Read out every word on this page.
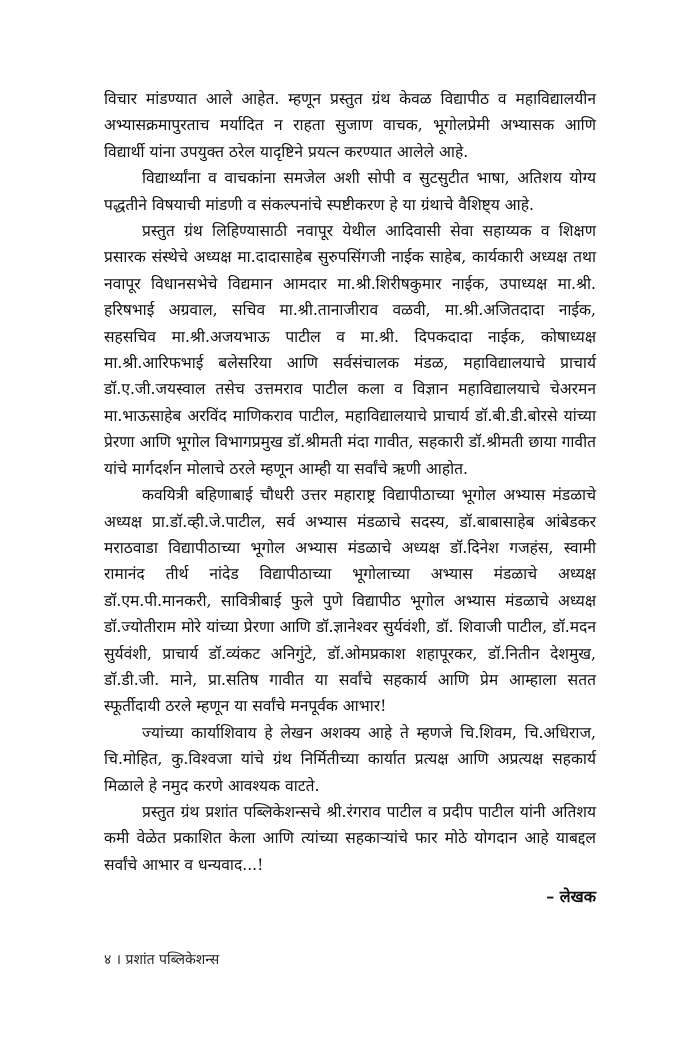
विचार मांडण्यात आले आहेत. म्हणून प्रस्तुत ग्रंथ केवळ विद्यापीठ व महाविद्यालयीन अभ्यासक्रमापुरताच मर्यादित न राहता सुजाण वाचक, भूगोलप्रेमी अभ्यासक आणि विद्यार्थी यांना उपयुक्त ठरेल यादृष्टिने प्रयत्न करण्यात आलेले आहे.

विद्यार्थ्यांना व वाचकांना समजेल अशी सोपी व सुटसुटीत भाषा, अतिशय योग्य पद्धतीने विषयाची मांडणी व संकल्पनांचे स्पष्टीकरण हे या ग्रंथाचे वैशिष्ट्य आहे.

प्रस्तुत ग्रंथ लिहिण्यासाठी नवापूर येथील आदिवासी सेवा सहाय्यक व शिक्षण प्रसारक संस्थेचे अध्यक्ष मा.दादासाहेब सुरुपसिंगजी नाईक साहेब, कार्यकारी अध्यक्ष तथा नवापूर विधानसभेचे विद्यमान आमदार मा.श्री.शिरीषकुमार नाईक, उपाध्यक्ष मा.श्री. हरिषभाई अग्रवाल, सचिव मा.श्री.तानाजीराव वळवी, मा.श्री.अजितदादा नाईक, सहसचिव मा.श्री.अजयभाऊ पाटील व मा.श्री. दिपकदादा नाईक, कोषाध्यक्ष मा.श्री.आरिफभाई बलेसरिया आणि सर्वसंचालक मंडळ, महाविद्यालयाचे प्राचार्य डॉ.ए.जी.जयस्वाल तसेच उत्तमराव पाटील कला व विज्ञान महाविद्यालयाचे चेअरमन मा.भाऊसाहेब अरविंद माणिकराव पाटील, महाविद्यालयाचे प्राचार्य डॉ.बी.डी.बोरसे यांच्या प्रेरणा आणि भूगोल विभागप्रमुख डॉ.श्रीमती मंदा गावीत, सहकारी डॉ.श्रीमती छाया गावीत यांचे मार्गदर्शन मोलाचे ठरले म्हणून आम्ही या सर्वांचे ऋणी आहोत.

कवयित्री बहिणाबाई चौधरी उत्तर महाराष्ट्र विद्यापीठाच्या भूगोल अभ्यास मंडळाचे अध्यक्ष प्रा.डॉ.व्ही.जे.पाटील, सर्व अभ्यास मंडळाचे सदस्य, डॉ.बाबासाहेब आंबेडकर मराठवाडा विद्यापीठाच्या भूगोल अभ्यास मंडळाचे अध्यक्ष डॉ.दिनेश गजहंस, स्वामी रामानंद तीर्थ नांदेड विद्यापीठाच्या भूगोलाच्या अभ्यास मंडळाचे अध्यक्ष डॉ.एम.पी.मानकरी, सावित्रीबाई फुले पुणे विद्यापीठ भूगोल अभ्यास मंडळाचे अध्यक्ष डॉ.ज्योतीराम मोरे यांच्या प्रेरणा आणि डॉ.ज्ञानेश्वर सुर्यवंशी, डॉ. शिवाजी पाटील, डॉ.मदन सुर्यवंशी, प्राचार्य डॉ.व्यंकट अनिगुंटे, डॉ.ओमप्रकाश शहापूरकर, डॉ.नितीन देशमुख, डॉ.डी.जी. माने, प्रा.सतिष गावीत या सर्वांचे सहकार्य आणि प्रेम आम्हाला सतत स्फूर्तीदायी ठरले म्हणून या सर्वांचे मनपूर्वक आभार!

ज्यांच्या कार्याशिवाय हे लेखन अशक्य आहे ते म्हणजे चि.शिवम, चि.अधिराज, चि.मोहित, कु.विश्वजा यांचे ग्रंथ निर्मितीच्या कार्यात प्रत्यक्ष आणि अप्रत्यक्ष सहकार्य मिळाले हे नमुद करणे आवश्यक वाटते.

प्रस्तुत ग्रंथ प्रशांत पब्लिकेशन्सचे श्री.रंगराव पाटील व प्रदीप पाटील यांनी अतिशय कमी वेळेत प्रकाशित केला आणि त्यांच्या सहकाऱ्यांचे फार मोठे योगदान आहे याबद्दल सर्वांचे आभार व धन्यवाद...!

– लेखक
४ । प्रशांत पब्लिकेशन्स
